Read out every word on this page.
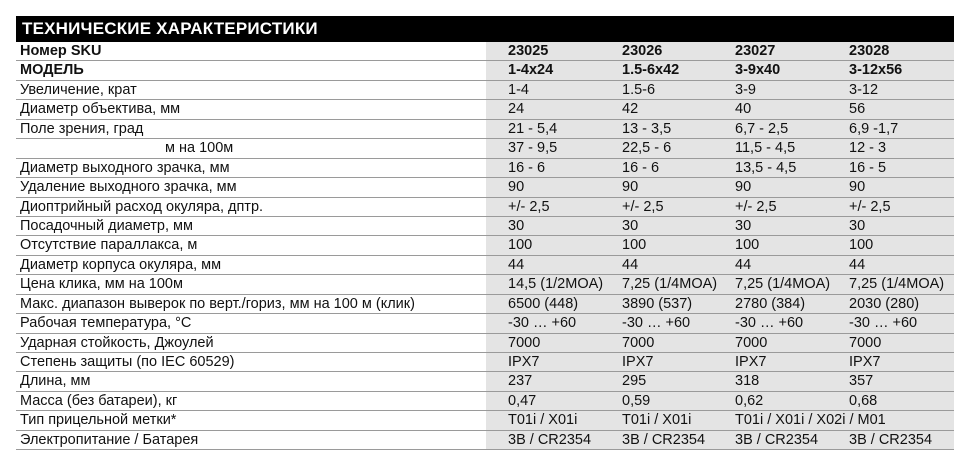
ТЕХНИЧЕСКИЕ ХАРАКТЕРИСТИКИ
Номер SKU	23025	23026	23027	23028
МОДЕЛЬ	1-4x24	1.5-6x42	3-9x40	3-12x56
Увеличение, крат	1-4	1.5-6	3-9	3-12
Диаметр объектива, мм	24	42	40	56
Поле зрения, град	21 - 5,4	13 - 3,5	6,7 - 2,5	6,9 -1,7
м на 100м	37 - 9,5	22,5 - 6	11,5 - 4,5	12 - 3
Диаметр выходного зрачка, мм	16 - 6	16 - 6	13,5 - 4,5	16 - 5
Удаление выходного зрачка, мм	90	90	90	90
Диоптрийный расход окуляра, дптр.	+/- 2,5	+/- 2,5	+/- 2,5	+/- 2,5
Посадочный диаметр, мм	30	30	30	30
Отсутствие параллакса, м	100	100	100	100
Диаметр корпуса окуляра, мм	44	44	44	44
Цена клика, мм на 100м	14,5 (1/2MOA) 7,25 (1/4MOA) 7,25 (1/4MOA) 7,25 (1/4MOA)
Макс. диапазон выверок по верт./гориз, мм на 100 м (клик)	6500 (448)	3890 (537)	2780 (384)	2030 (280)
Рабочая температура, °С	-30 … +60	-30 … +60	-30 … +60	-30 … +60
Ударная стойкость, Джоулей	7000	7000	7000	7000
Степень защиты (по IEC 60529)	IPX7	IPX7	IPX7	IPX7
Длина, мм	237	295	318	357
Масса (без батареи), кг	0,47	0,59	0,62	0,68
Тип прицельной метки*	T01i / X01i	T01i / X01i	T01i / X01i / X02i / M01
Электропитание / Батарея	3В / CR2354 3В / CR2354 3В / CR2354 3В / CR2354
